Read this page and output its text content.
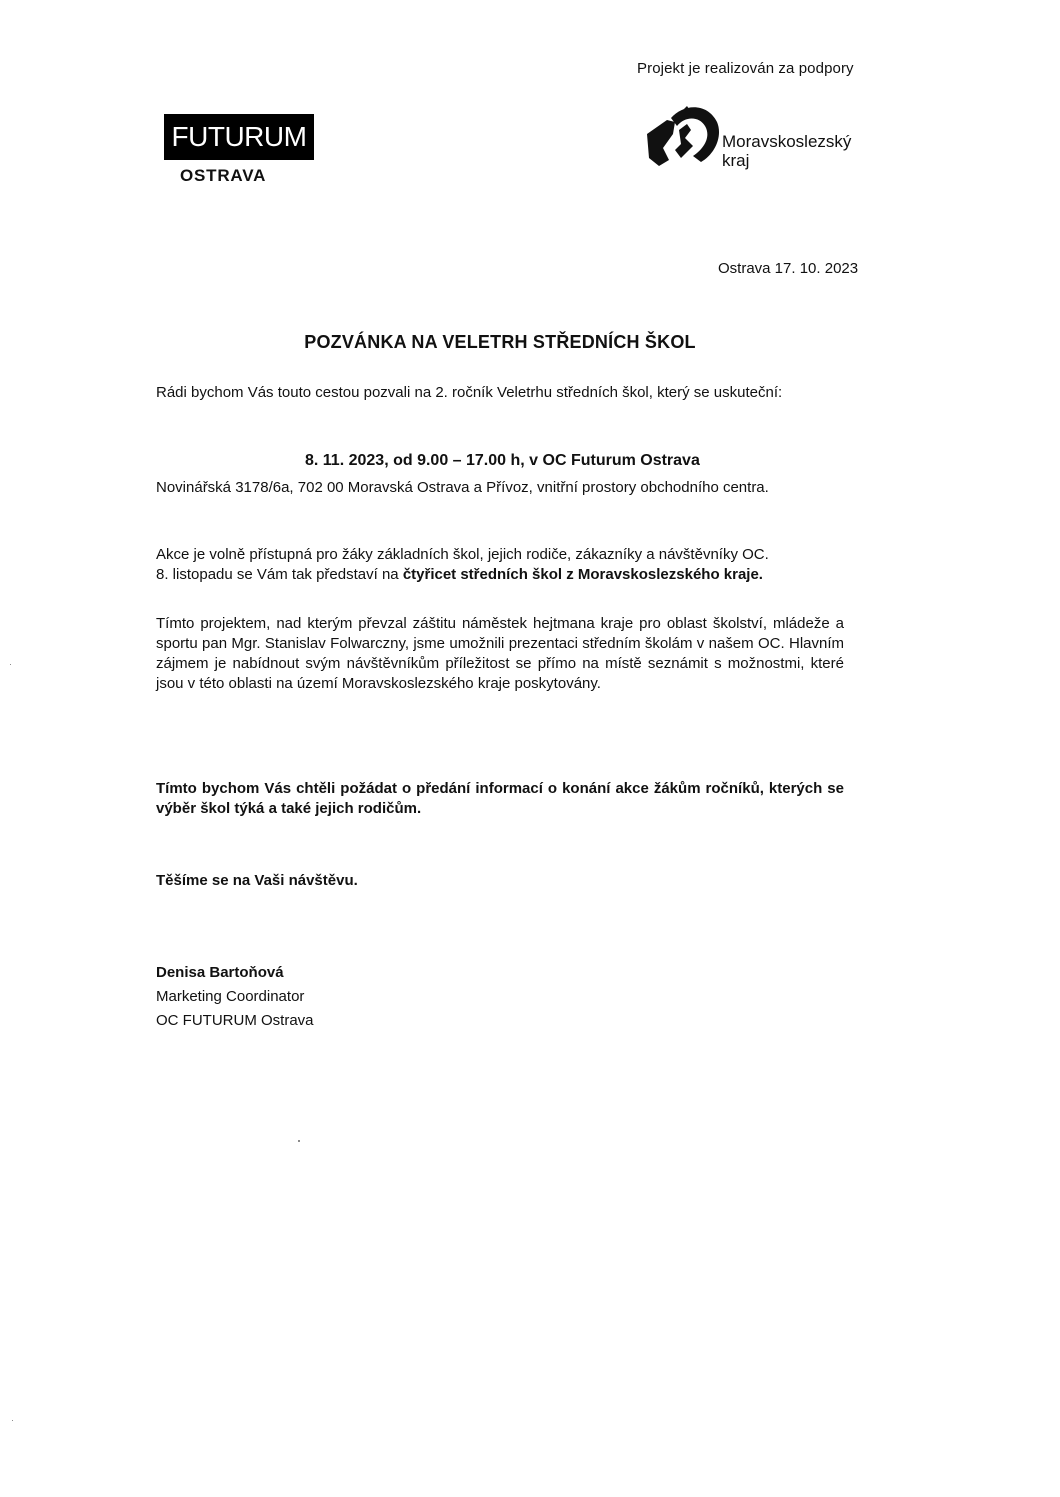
Projekt je realizován za podpory
FUTURUM
OSTRAVA
Moravskoslezský
kraj
Ostrava 17. 10. 2023
POZVÁNKA NA VELETRH STŘEDNÍCH ŠKOL

Rádi bychom Vás touto cestou pozvali na 2. ročník Veletrhu středních škol, který se uskuteční:

8. 11. 2023, od 9.00 – 17.00 h, v OC Futurum Ostrava

Novinářská 3178/6a, 702 00 Moravská Ostrava a Přívoz, vnitřní prostory obchodního centra.

Akce je volně přístupná pro žáky základních škol, jejich rodiče, zákazníky a návštěvníky OC.
8. listopadu se Vám tak představí na čtyřicet středních škol z Moravskoslezského kraje.

Tímto projektem, nad kterým převzal záštitu náměstek hejtmana kraje pro oblast školství, mládeže a sportu pan Mgr. Stanislav Folwarczny, jsme umožnili prezentaci středním školám v našem OC. Hlavním zájmem je nabídnout svým návštěvníkům příležitost se přímo na místě seznámit s možnostmi, které jsou v této oblasti na území Moravskoslezského kraje poskytovány.

Tímto bychom Vás chtěli požádat o předání informací o konání akce žákům ročníků, kterých se výběr škol týká a také jejich rodičům.

Těšíme se na Vaši návštěvu.

Denisa Bartoňová
Marketing Coordinator
OC FUTURUM Ostrava
